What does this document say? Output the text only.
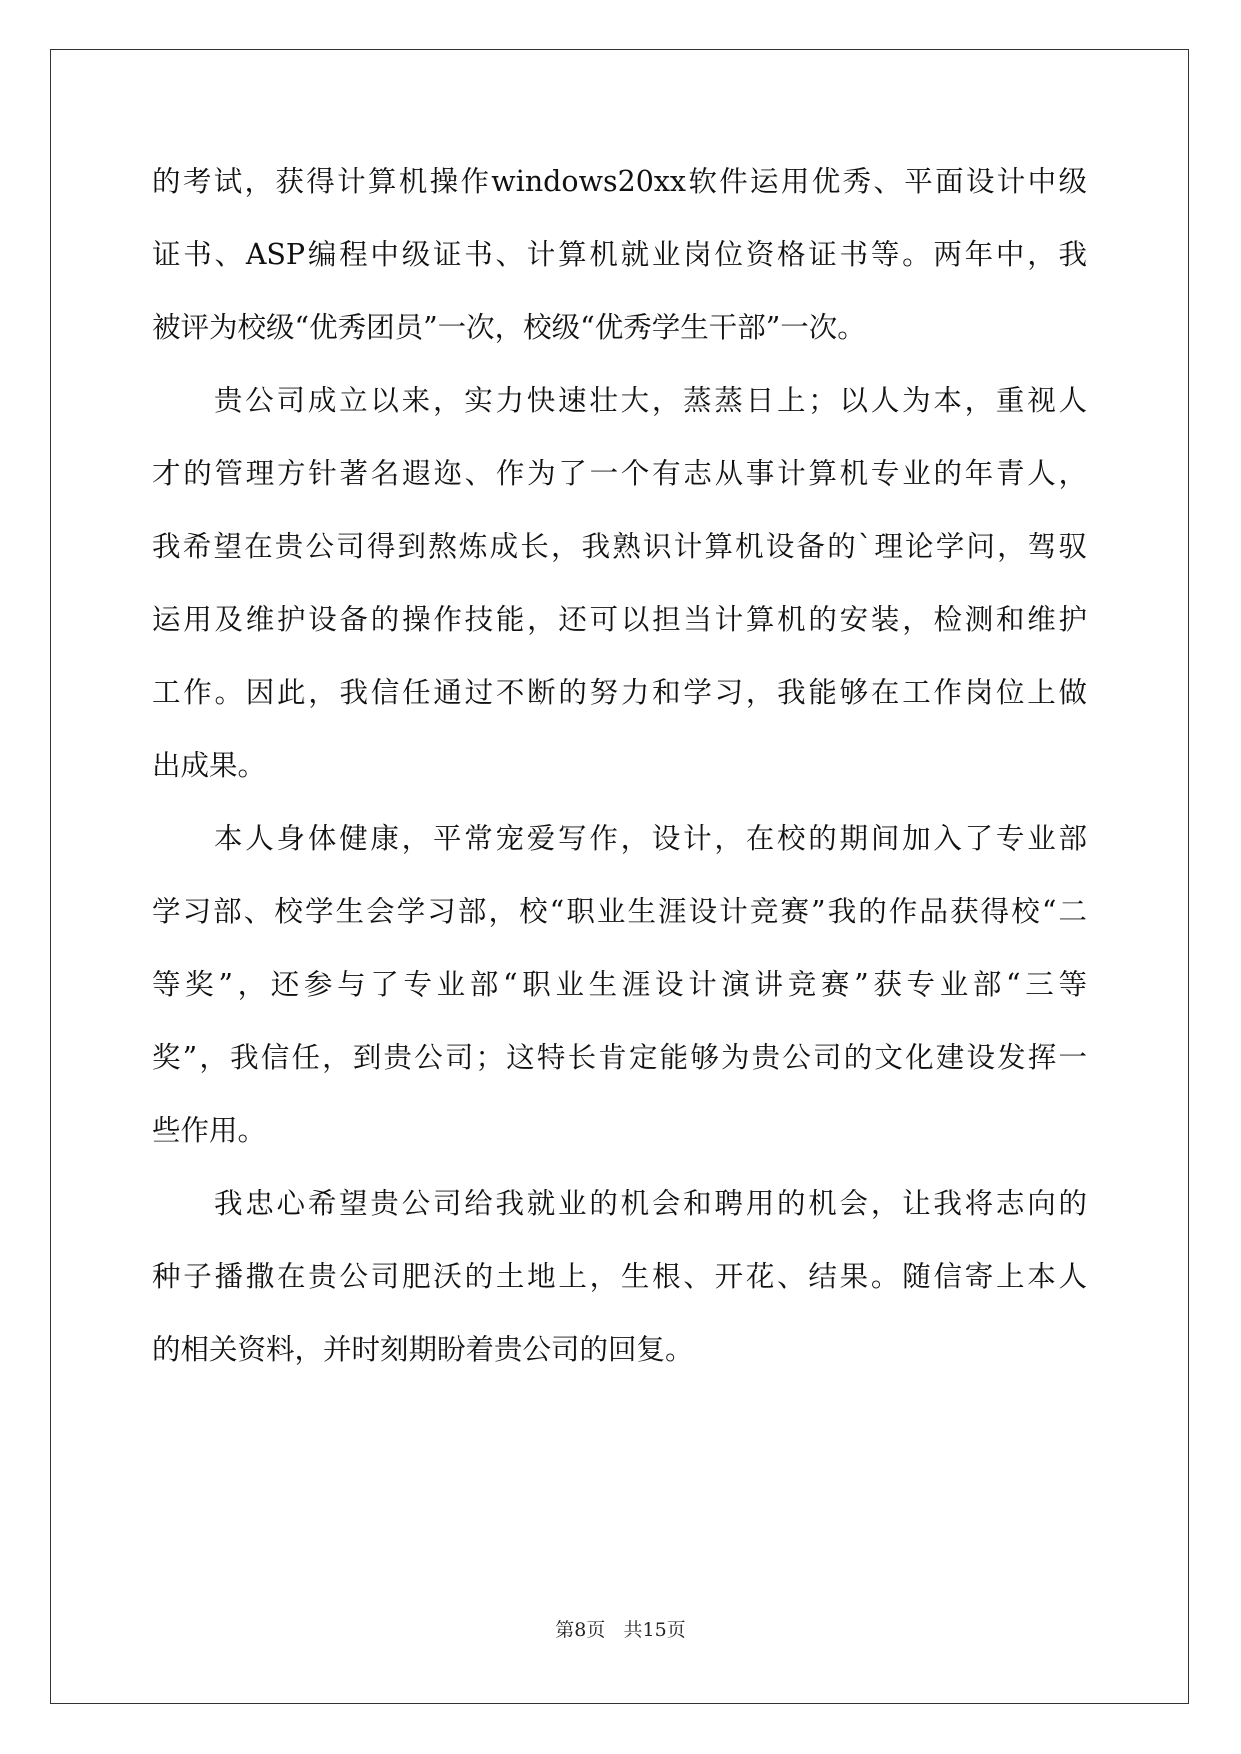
的考试，获得计算机操作windows20xx软件运用优秀、平面设计中级
证书、ASP编程中级证书、计算机就业岗位资格证书等。两年中，我
被评为校级“优秀团员”一次，校级“优秀学生干部”一次。
贵公司成立以来，实力快速壮大，蒸蒸日上；以人为本，重视人
才的管理方针著名遐迩、作为了一个有志从事计算机专业的年青人，
我希望在贵公司得到熬炼成长，我熟识计算机设备的`理论学问，驾驭
运用及维护设备的操作技能，还可以担当计算机的安装，检测和维护
工作。因此，我信任通过不断的努力和学习，我能够在工作岗位上做
出成果。
本人身体健康，平常宠爱写作，设计，在校的期间加入了专业部
学习部、校学生会学习部，校“职业生涯设计竞赛”我的作品获得校“二
等奖”，还参与了专业部“职业生涯设计演讲竞赛”获专业部“三等
奖”，我信任，到贵公司；这特长肯定能够为贵公司的文化建设发挥一
些作用。
我忠心希望贵公司给我就业的机会和聘用的机会，让我将志向的
种子播撒在贵公司肥沃的土地上，生根、开花、结果。随信寄上本人
的相关资料，并时刻期盼着贵公司的回复。
第8页 共15页
